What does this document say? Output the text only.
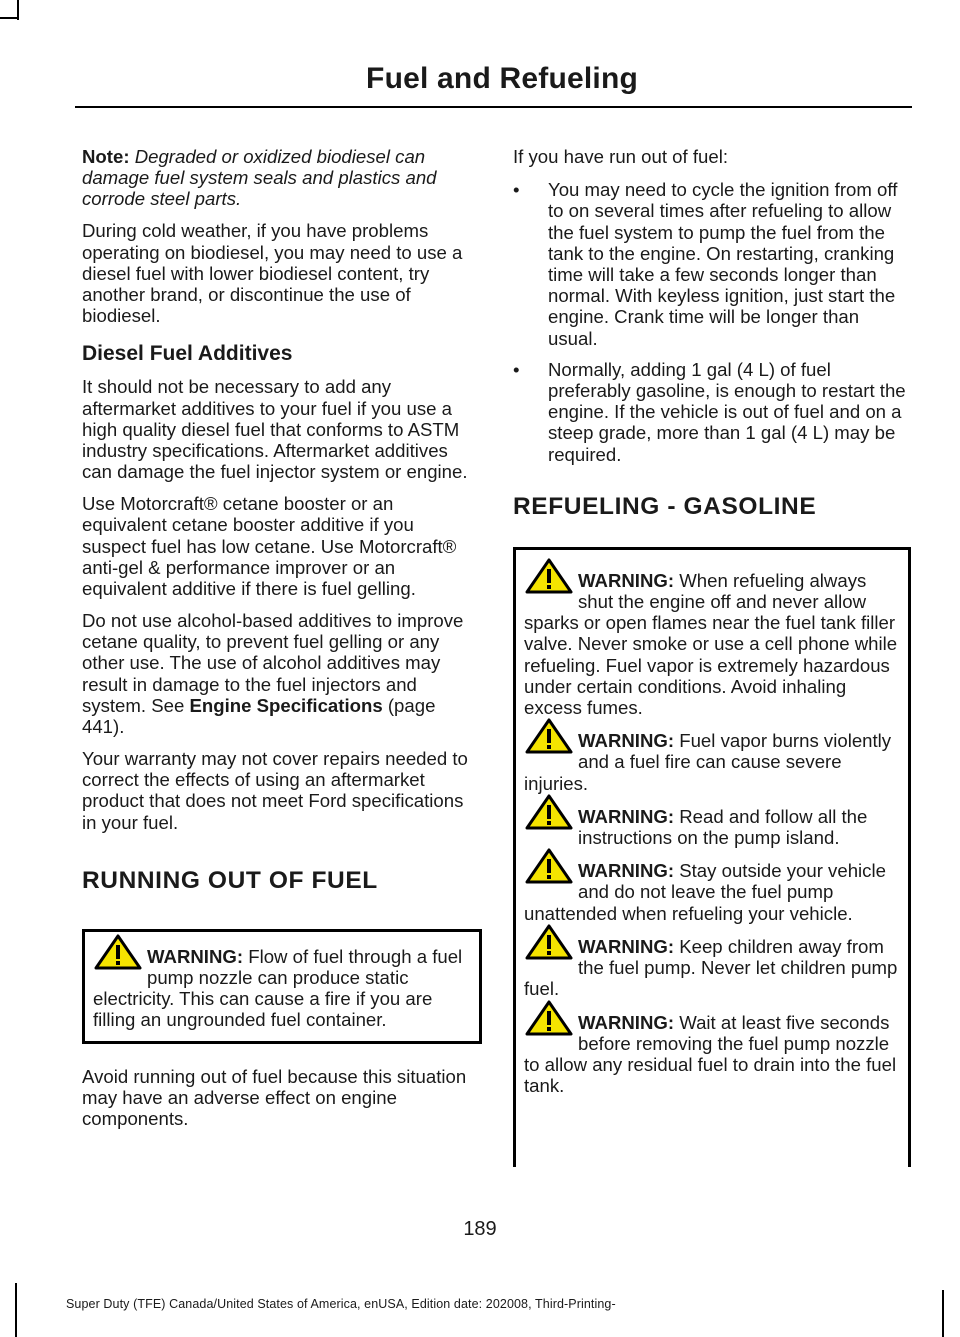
Fuel and Refueling

Note: Degraded or oxidized biodiesel can damage fuel system seals and plastics and corrode steel parts.

During cold weather, if you have problems operating on biodiesel, you may need to use a diesel fuel with lower biodiesel content, try another brand, or discontinue the use of biodiesel.

Diesel Fuel Additives

It should not be necessary to add any aftermarket additives to your fuel if you use a high quality diesel fuel that conforms to ASTM industry specifications. Aftermarket additives can damage the fuel injector system or engine.

Use Motorcraft® cetane booster or an equivalent cetane booster additive if you suspect fuel has low cetane. Use Motorcraft® anti-gel & performance improver or an equivalent additive if there is fuel gelling.

Do not use alcohol-based additives to improve cetane quality, to prevent fuel gelling or any other use. The use of alcohol additives may result in damage to the fuel injectors and system. See Engine Specifications (page 441).

Your warranty may not cover repairs needed to correct the effects of using an aftermarket product that does not meet Ford specifications in your fuel.

RUNNING OUT OF FUEL
WARNING: Flow of fuel through a fuel pump nozzle can produce static electricity. This can cause a fire if you are filling an ungrounded fuel container.

Avoid running out of fuel because this situation may have an adverse effect on engine components.

If you have run out of fuel:

• You may need to cycle the ignition from off to on several times after refueling to allow the fuel system to pump the fuel from the tank to the engine. On restarting, cranking time will take a few seconds longer than normal. With keyless ignition, just start the engine. Crank time will be longer than usual.
• Normally, adding 1 gal (4 L) of fuel preferably gasoline, is enough to restart the engine. If the vehicle is out of fuel and on a steep grade, more than 1 gal (4 L) may be required.
REFUELING - GASOLINE
WARNING: When refueling always shut the engine off and never allow sparks or open flames near the fuel tank filler valve. Never smoke or use a cell phone while refueling. Fuel vapor is extremely hazardous under certain conditions. Avoid inhaling excess fumes.
WARNING: Fuel vapor burns violently and a fuel fire can cause severe injuries.
WARNING: Read and follow all the instructions on the pump island.
WARNING: Stay outside your vehicle and do not leave the fuel pump unattended when refueling your vehicle.
WARNING: Keep children away from the fuel pump. Never let children pump fuel.
WARNING: Wait at least five seconds before removing the fuel pump nozzle to allow any residual fuel to drain into the fuel tank.
189
Super Duty (TFE) Canada/United States of America, enUSA, Edition date: 202008, Third-Printing-
